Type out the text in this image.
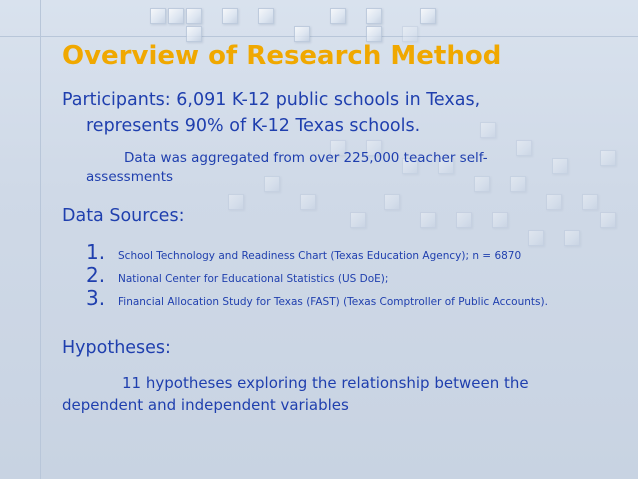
Overview of Research Method
Participants: 6,091 K-12 public schools in Texas,
represents 90% of K-12 Texas schools.
Data was aggregated from over 225,000 teacher self-
assessments
Data Sources:
1.	School Technology and Readiness Chart (Texas Education Agency); n = 6870
2.	National Center for Educational Statistics (US DoE);
3.	Financial Allocation Study for Texas (FAST) (Texas Comptroller of Public Accounts).
Hypotheses:
11 hypotheses exploring the relationship between the
dependent and independent variables
